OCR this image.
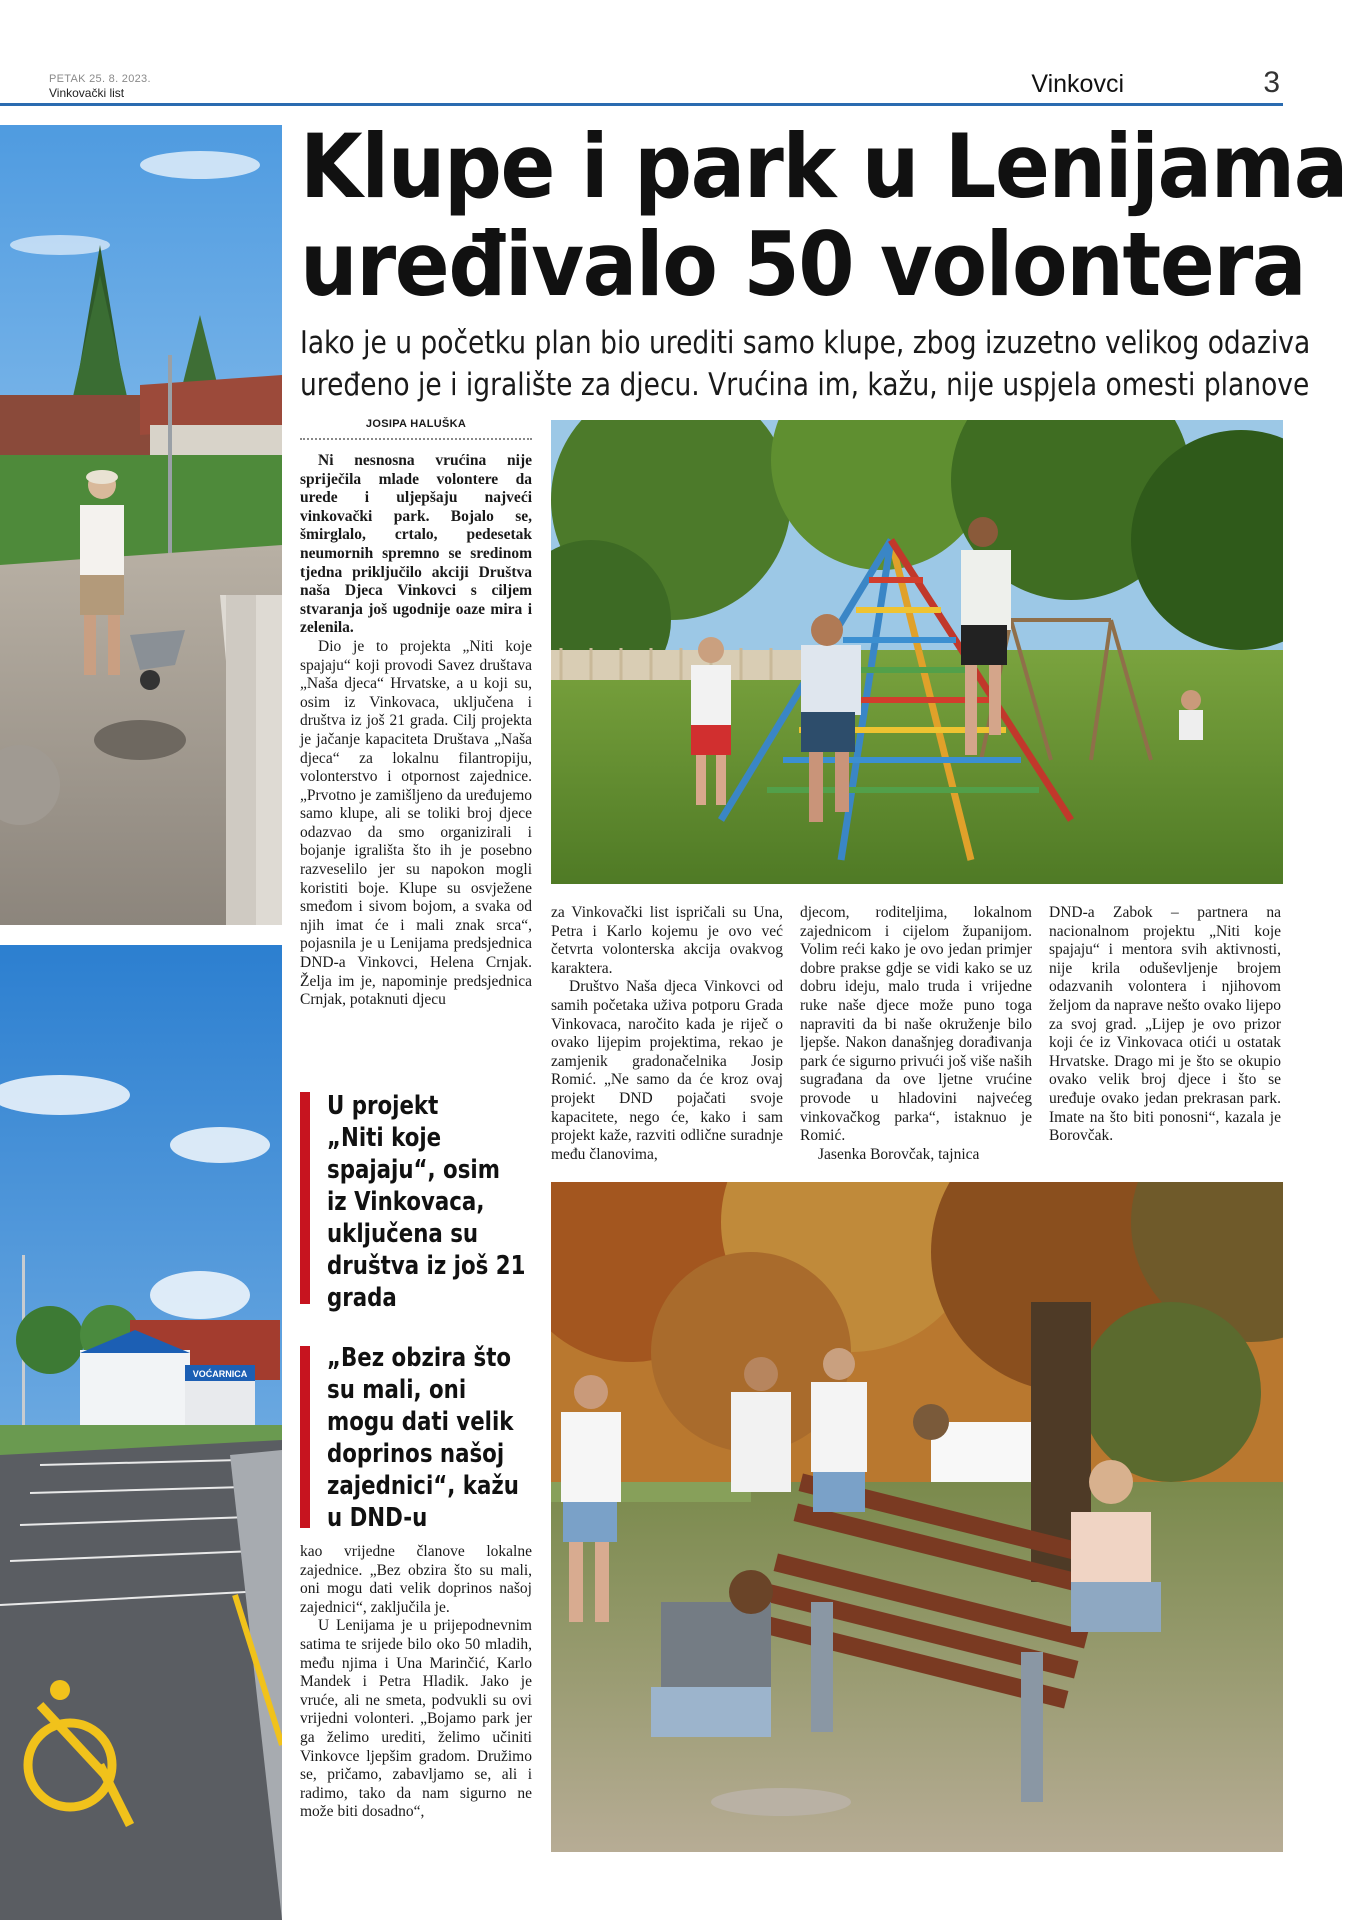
PETAK 25. 8. 2023.
Vinkovački list	Vinkovci	3
VOĆARNICA
Klupe i park u Lenijama
uređivalo 50 volontera
Iako je u početku plan bio urediti samo klupe, zbog izuzetno velikog odaziva
uređeno je i igralište za djecu. Vrućina im, kažu, nije uspjela omesti planove
JOSIPA HALUŠKA

Ni nesnosna vrućina nije spriječila mlade volontere da urede i uljepšaju najveći vinkovački park. Bojalo se, šmirglalo, crtalo, pedesetak neumornih spremno se sredinom tjedna priključilo akciji Društva naša Djeca Vinkovci s ciljem stvaranja još ugodnije oaze mira i zelenila.

Dio je to projekta „Niti koje spajaju“ koji provodi Savez društava „Naša djeca“ Hrvatske, a u koji su, osim iz Vinkovaca, uključena i društva iz još 21 grada. Cilj projekta je jačanje kapaciteta Društava „Naša djeca“ za lokalnu filantropiju, volonterstvo i otpornost zajednice. „Prvotno je zamišljeno da uređujemo samo klupe, ali se toliki broj djece odazvao da smo organizirali i bojanje igrališta što ih je posebno razveselilo jer su napokon mogli koristiti boje. Klupe su osvježene smeđom i sivom bojom, a svaka od njih imat će i mali znak srca“, pojasnila je u Lenijama predsjednica DND-a Vinkovci, Helena Crnjak. Želja im je, napominje predsjednica Crnjak, potaknuti djecu

U projekt
„Niti koje
spajaju“, osim
iz Vinkovaca,
uključena su
društva iz još 21
grada
„Bez obzira što
su mali, oni
mogu dati velik
doprinos našoj
zajednici“, kažu
u DND-u

kao vrijedne članove lokalne zajednice. „Bez obzira što su mali, oni mogu dati velik doprinos našoj zajednici“, zaključila je.

U Lenijama je u prijepodnevnim satima te srijede bilo oko 50 mladih, među njima i Una Marinčić, Karlo Mandek i Petra Hladik. Jako je vruće, ali ne smeta, podvukli su ovi vrijedni volonteri. „Bojamo park jer ga želimo urediti, želimo učiniti Vinkovce ljepšim gradom. Družimo se, pričamo, zabavljamo se, ali i radimo, tako da nam sigurno ne može biti dosadno“,

za Vinkovački list ispričali su Una, Petra i Karlo kojemu je ovo već četvrta volonterska akcija ovakvog karaktera.

Društvo Naša djeca Vinkovci od samih početaka uživa potporu Grada Vinkovaca, naročito kada je riječ o ovako lijepim projektima, rekao je zamjenik gradonačelnika Josip Romić. „Ne samo da će kroz ovaj projekt DND pojačati svoje kapacitete, nego će, kako i sam projekt kaže, razviti odlične suradnje među članovima,

djecom, roditeljima, lokalnom zajednicom i cijelom županijom. Volim reći kako je ovo jedan primjer dobre prakse gdje se vidi kako se uz dobru ideju, malo truda i vrijedne ruke naše djece može puno toga napraviti da bi naše okruženje bilo ljepše. Nakon današnjeg dorađivanja park će sigurno privući još više naših sugrađana da ove ljetne vrućine provode u hladovini najvećeg vinkovačkog parka“, istaknuo je Romić.

Jasenka Borovčak, tajnica

DND-a Zabok – partnera na nacionalnom projektu „Niti koje spajaju“ i mentora svih aktivnosti, nije krila oduševljenje brojem odazvanih volontera i njihovom željom da naprave nešto ovako lijepo za svoj grad. „Lijep je ovo prizor koji će iz Vinkovaca otići u ostatak Hrvatske. Drago mi je što se okupio ovako velik broj djece i što se uređuje ovako jedan prekrasan park. Imate na što biti ponosni“, kazala je Borovčak.
